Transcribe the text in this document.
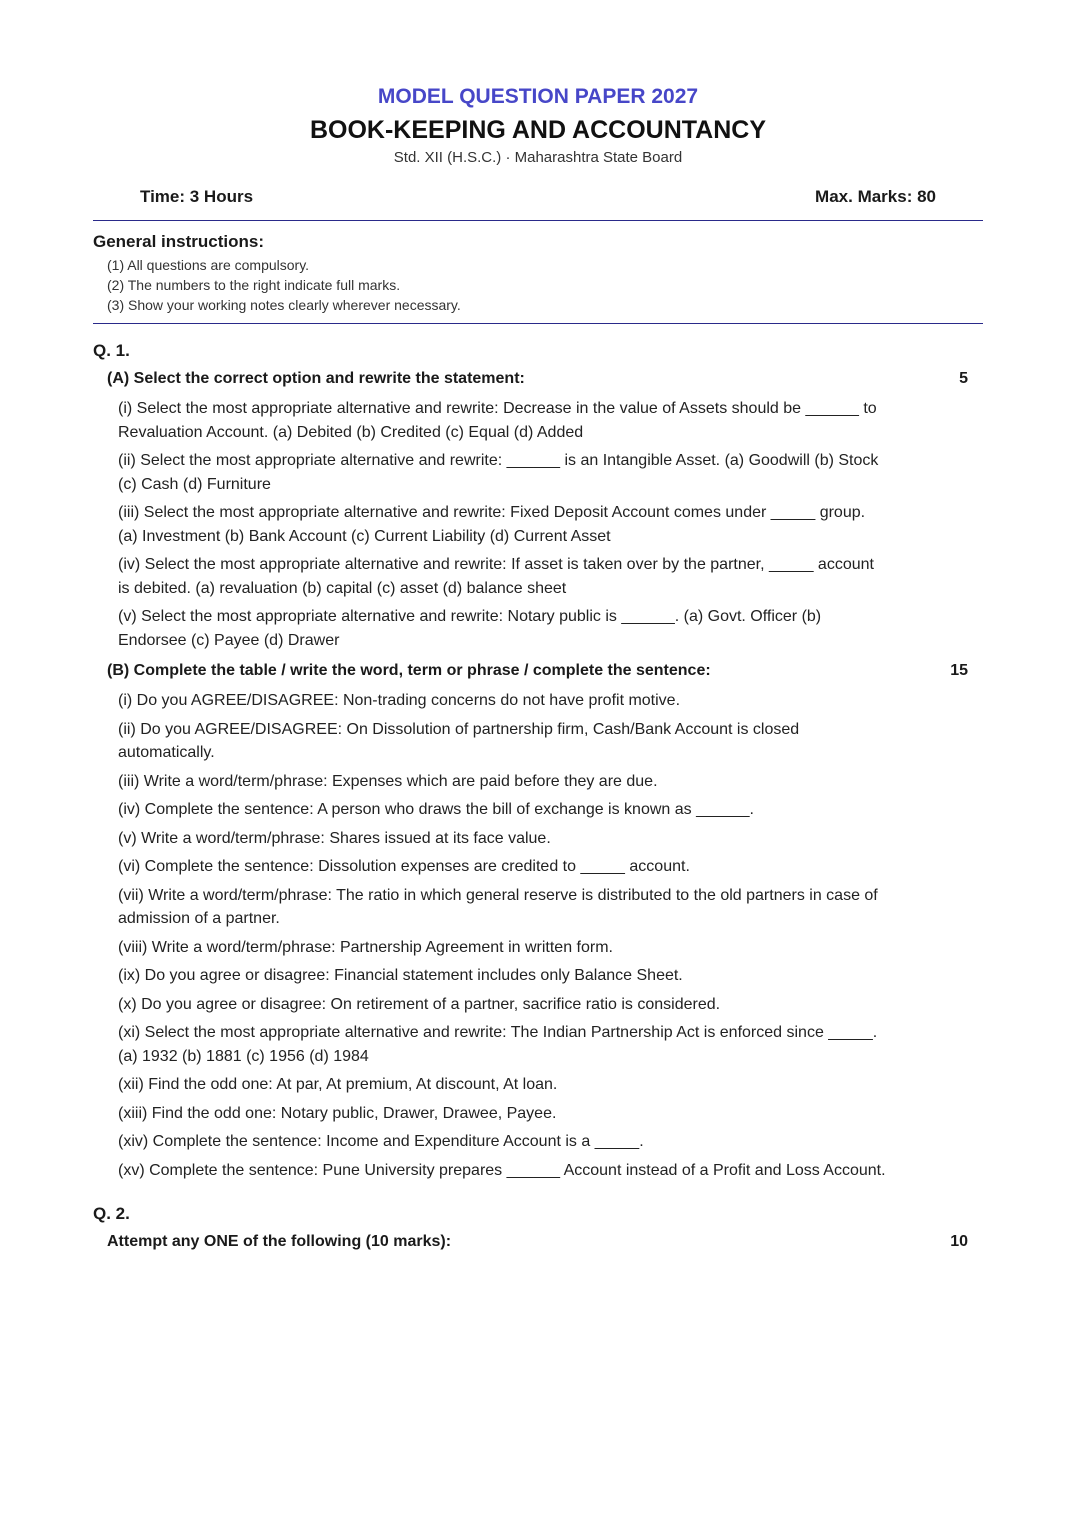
MODEL QUESTION PAPER 2027
BOOK-KEEPING AND ACCOUNTANCY
Std. XII (H.S.C.) · Maharashtra State Board
Time: 3 Hours	Max. Marks: 80
General instructions:
(1) All questions are compulsory.
(2) The numbers to the right indicate full marks.
(3) Show your working notes clearly wherever necessary.
Q. 1.
(A) Select the correct option and rewrite the statement:	5
(i) Select the most appropriate alternative and rewrite: Decrease in the value of Assets should be ______ to Revaluation Account. (a) Debited (b) Credited (c) Equal (d) Added
(ii) Select the most appropriate alternative and rewrite: ______ is an Intangible Asset. (a) Goodwill (b) Stock (c) Cash (d) Furniture
(iii) Select the most appropriate alternative and rewrite: Fixed Deposit Account comes under _____ group. (a) Investment (b) Bank Account (c) Current Liability (d) Current Asset
(iv) Select the most appropriate alternative and rewrite: If asset is taken over by the partner, _____ account is debited. (a) revaluation (b) capital (c) asset (d) balance sheet
(v) Select the most appropriate alternative and rewrite: Notary public is ______. (a) Govt. Officer (b) Endorsee (c) Payee (d) Drawer
(B) Complete the table / write the word, term or phrase / complete the sentence:	15
(i) Do you AGREE/DISAGREE: Non-trading concerns do not have profit motive.
(ii) Do you AGREE/DISAGREE: On Dissolution of partnership firm, Cash/Bank Account is closed automatically.
(iii) Write a word/term/phrase: Expenses which are paid before they are due.
(iv) Complete the sentence: A person who draws the bill of exchange is known as ______.
(v) Write a word/term/phrase: Shares issued at its face value.
(vi) Complete the sentence: Dissolution expenses are credited to _____ account.
(vii) Write a word/term/phrase: The ratio in which general reserve is distributed to the old partners in case of admission of a partner.
(viii) Write a word/term/phrase: Partnership Agreement in written form.
(ix) Do you agree or disagree: Financial statement includes only Balance Sheet.
(x) Do you agree or disagree: On retirement of a partner, sacrifice ratio is considered.
(xi) Select the most appropriate alternative and rewrite: The Indian Partnership Act is enforced since _____. (a) 1932 (b) 1881 (c) 1956 (d) 1984
(xii) Find the odd one: At par, At premium, At discount, At loan.
(xiii) Find the odd one: Notary public, Drawer, Drawee, Payee.
(xiv) Complete the sentence: Income and Expenditure Account is a _____.
(xv) Complete the sentence: Pune University prepares ______ Account instead of a Profit and Loss Account.
Q. 2.
Attempt any ONE of the following (10 marks):	10
